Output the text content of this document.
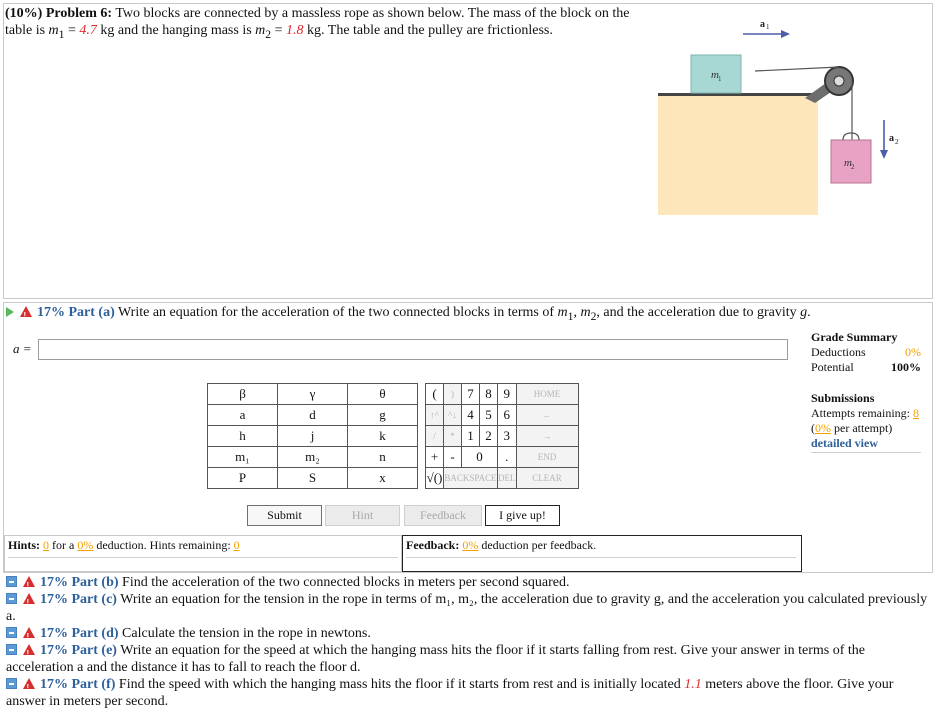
(10%) Problem 6: Two blocks are connected by a massless rope as shown below. The mass of the block on the table is $m_1 = 4.7$ kg and the hanging mass is $m_2 = 1.8$ kg. The table and the pulley are frictionless.
m 1
m 2
a 1
a 2
! 17% Part (a) Write an equation for the acceleration of the two connected blocks in terms of $m_1$, $m_2$, and the acceleration due to gravity g.
a =
β	γ	θ
a	d	g
h	j	k
m₁	m₂	n
P	S	x
(	)	7	8	9	HOME
↑^	^↓	4	5	6	←
/	*	1	2	3	→
+	-	0		.	END
√()	BACKSPACE			DEL	CLEAR
Submit	Hint	Feedback	I give up!
Hints: 0 for a 0% deduction. Hints remaining: 0	Feedback: 0% deduction per feedback.
Grade Summary
Deductions	0%
Potential	100%
Submissions
Attempts remaining: 8
(0% per attempt)
detailed view
! 17% Part (b) Find the acceleration of the two connected blocks in meters per second squared.
! 17% Part (c) Write an equation for the tension in the rope in terms of m₁, m₂, the acceleration due to gravity g, and the acceleration you calculated previously a.
! 17% Part (d) Calculate the tension in the rope in newtons.
! 17% Part (e) Write an equation for the speed at which the hanging mass hits the floor if it starts falling from rest. Give your answer in terms of the acceleration a and the distance it has to fall to reach the floor d.
! 17% Part (f) Find the speed with which the hanging mass hits the floor if it starts from rest and is initially located 1.1 meters above the floor. Give your answer in meters per second.
